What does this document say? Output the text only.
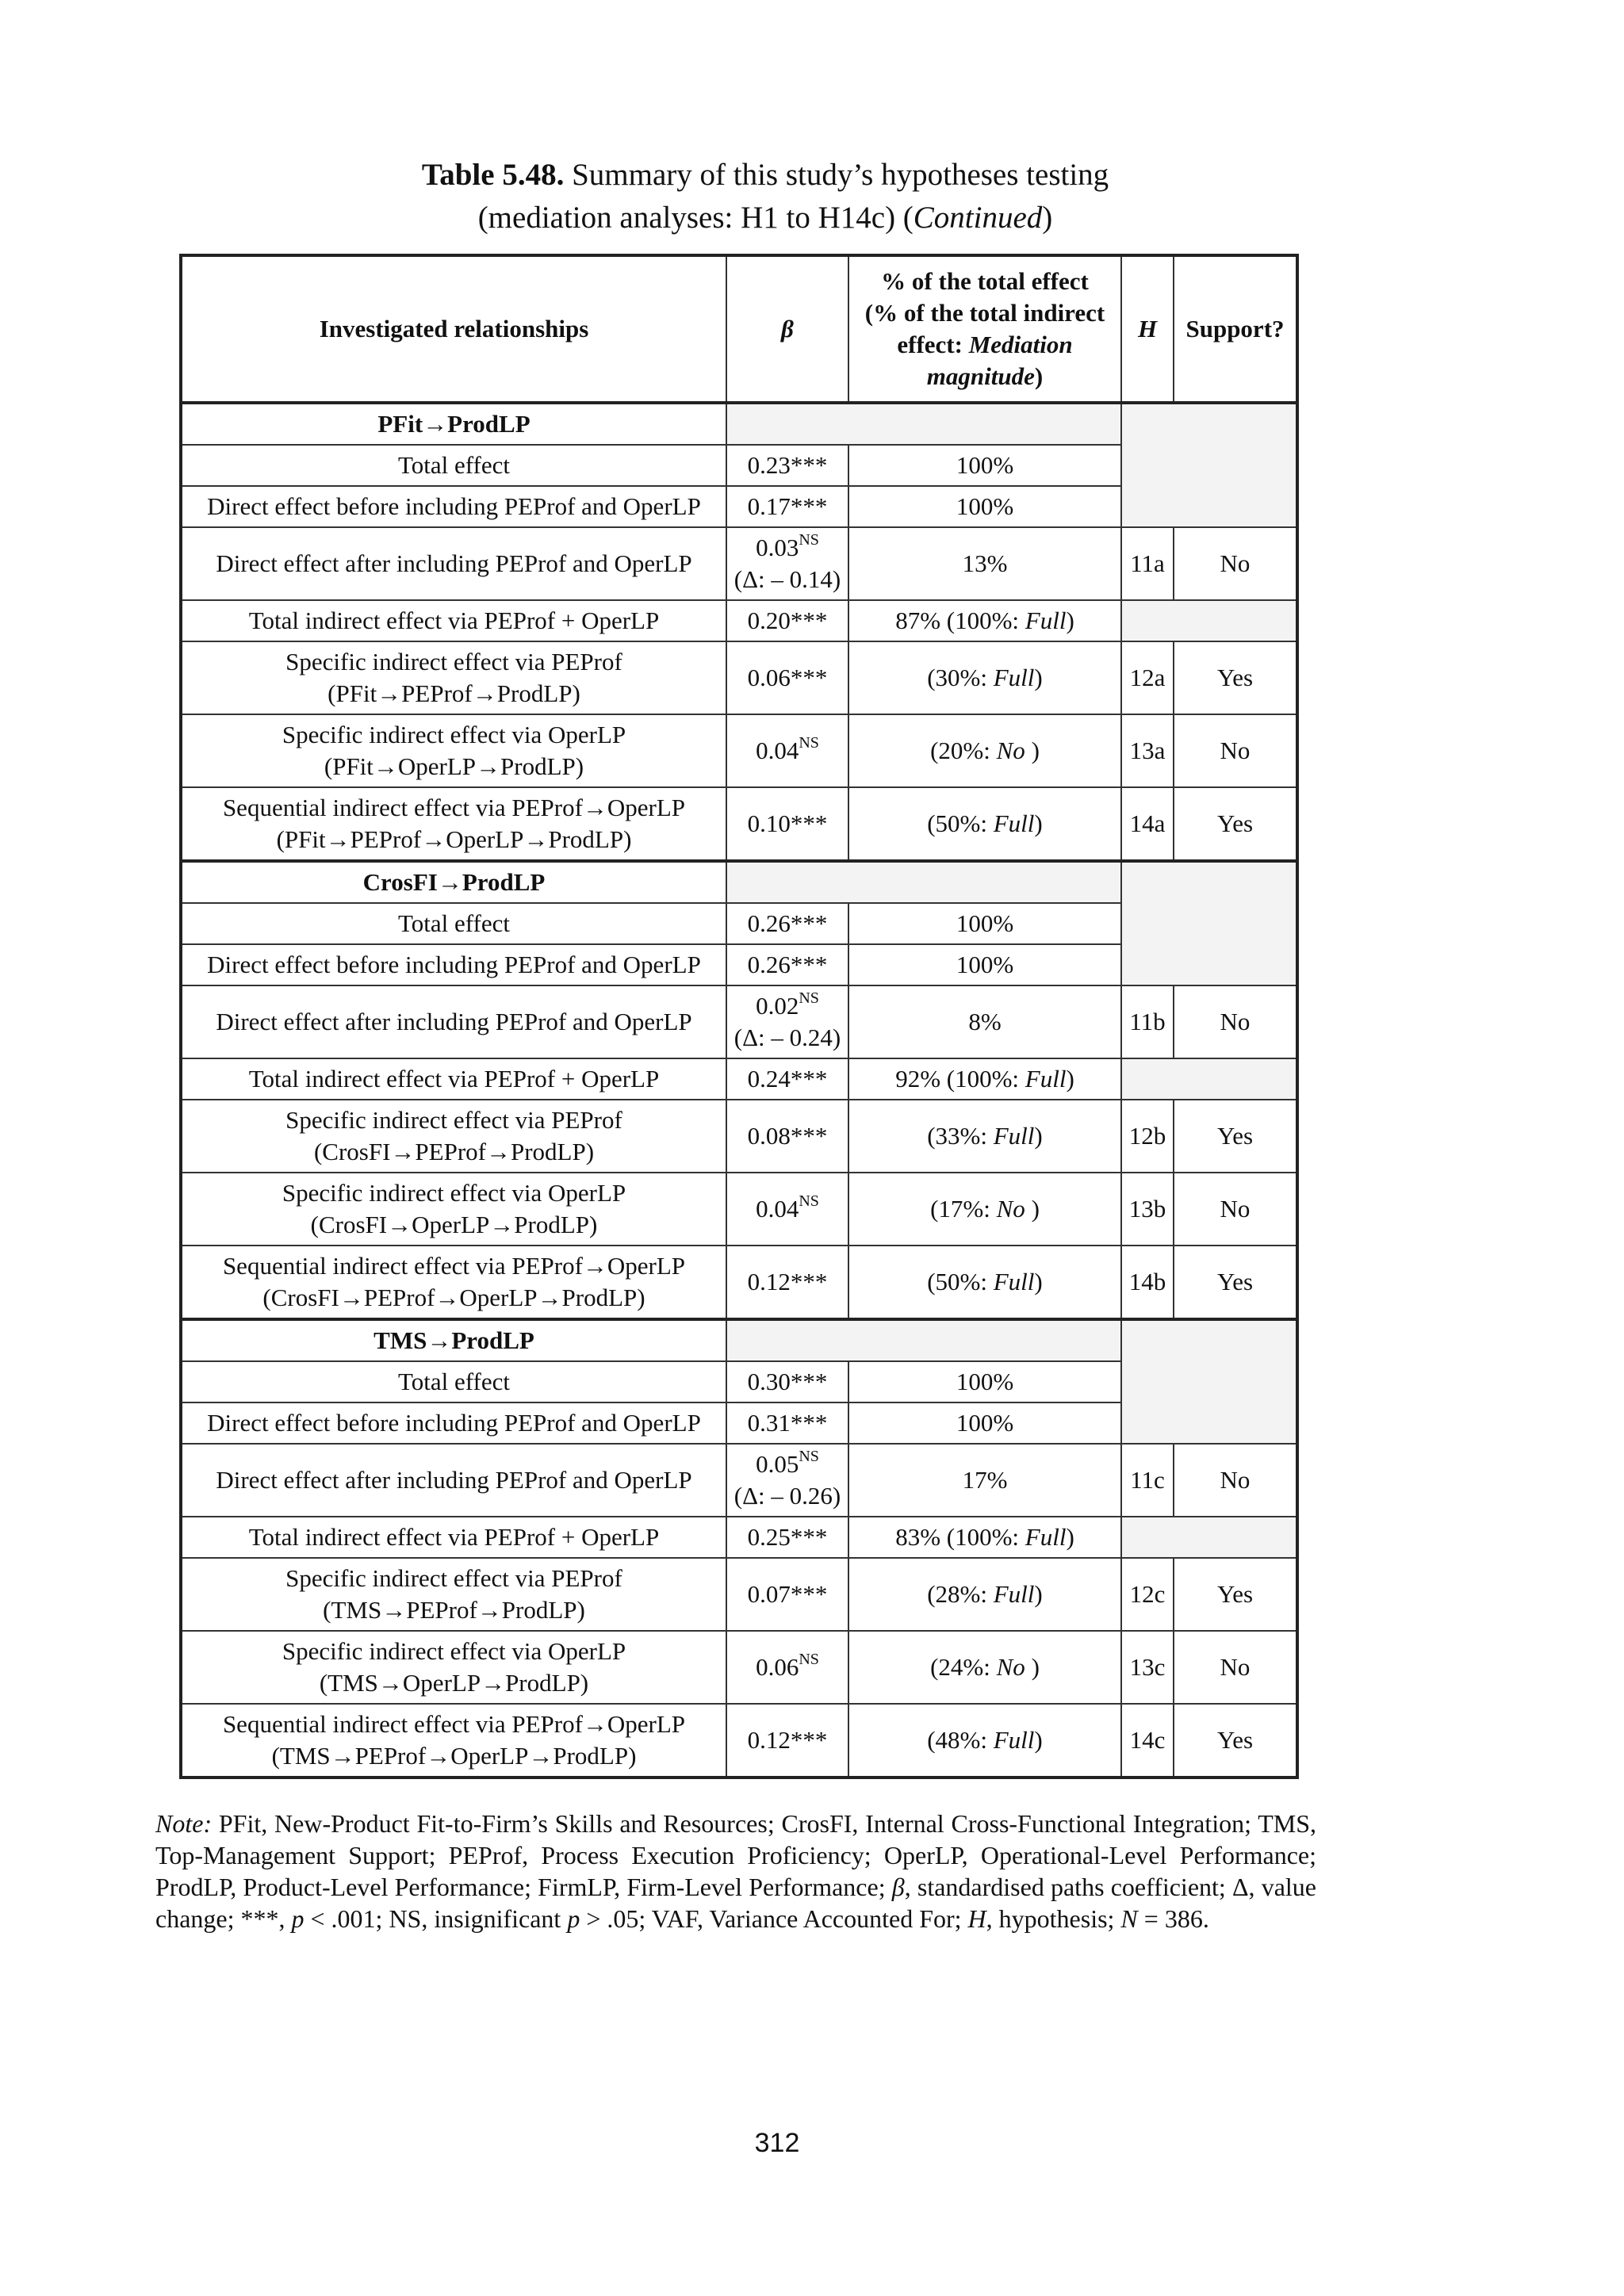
Table 5.48. Summary of this study’s hypotheses testing
(mediation analyses: H1 to H14c) (Continued)
Investigated relationships	β	% of the total effect
(% of the total indirect
effect: Mediation
magnitude)	H	Support?
PFit→ProdLP				
Total effect	0.23***	100%		
Direct effect before including PEProf and OperLP	0.17***	100%		
Direct effect after including PEProf and OperLP	$0.03^{NS}$
(Δ: – 0.14)	13%	11a	No
Total indirect effect via PEProf + OperLP	0.20***	87% (100%: Full)		

Specific indirect effect via PEProf
(PFit→PEProf→ProdLP)	0.06***	(30%: Full)	12a	Yes

Specific indirect effect via OperLP
(PFit→OperLP→ProdLP)	$0.04^{NS}$	(20%: No )	13a	No

Sequential indirect effect via PEProf→OperLP
(PFit→PEProf→OperLP→ProdLP)	0.10***	(50%: Full)	14a	Yes
CrosFI→ProdLP				
Total effect	0.26***	100%		
Direct effect before including PEProf and OperLP	0.26***	100%		
Direct effect after including PEProf and OperLP	$0.02^{NS}$
(Δ: – 0.24)	8%	11b	No
Total indirect effect via PEProf + OperLP	0.24***	92% (100%: Full)		

Specific indirect effect via PEProf
(CrosFI→PEProf→ProdLP)	0.08***	(33%: Full)	12b	Yes

Specific indirect effect via OperLP
(CrosFI→OperLP→ProdLP)	$0.04^{NS}$	(17%: No )	13b	No

Sequential indirect effect via PEProf→OperLP
(CrosFI→PEProf→OperLP→ProdLP)	0.12***	(50%: Full)	14b	Yes
TMS→ProdLP				
Total effect	0.30***	100%		
Direct effect before including PEProf and OperLP	0.31***	100%		
Direct effect after including PEProf and OperLP	$0.05^{NS}$
(Δ: – 0.26)	17%	11c	No
Total indirect effect via PEProf + OperLP	0.25***	83% (100%: Full)		

Specific indirect effect via PEProf
(TMS→PEProf→ProdLP)	0.07***	(28%: Full)	12c	Yes

Specific indirect effect via OperLP
(TMS→OperLP→ProdLP)	$0.06^{NS}$	(24%: No )	13c	No

Sequential indirect effect via PEProf→OperLP
(TMS→PEProf→OperLP→ProdLP)	0.12***	(48%: Full)	14c	Yes
Note: PFit, New-Product Fit-to-Firm’s Skills and Resources; CrosFI, Internal Cross-Functional Integration; TMS, Top-Management Support; PEProf, Process Execution Proficiency; OperLP, Operational-Level Performance; ProdLP, Product-Level Performance; FirmLP, Firm-Level Performance; β, standardised paths coefficient; Δ, value change; ***, p < .001; NS, insignificant p > .05; VAF, Variance Accounted For; H, hypothesis; N = 386.
312
